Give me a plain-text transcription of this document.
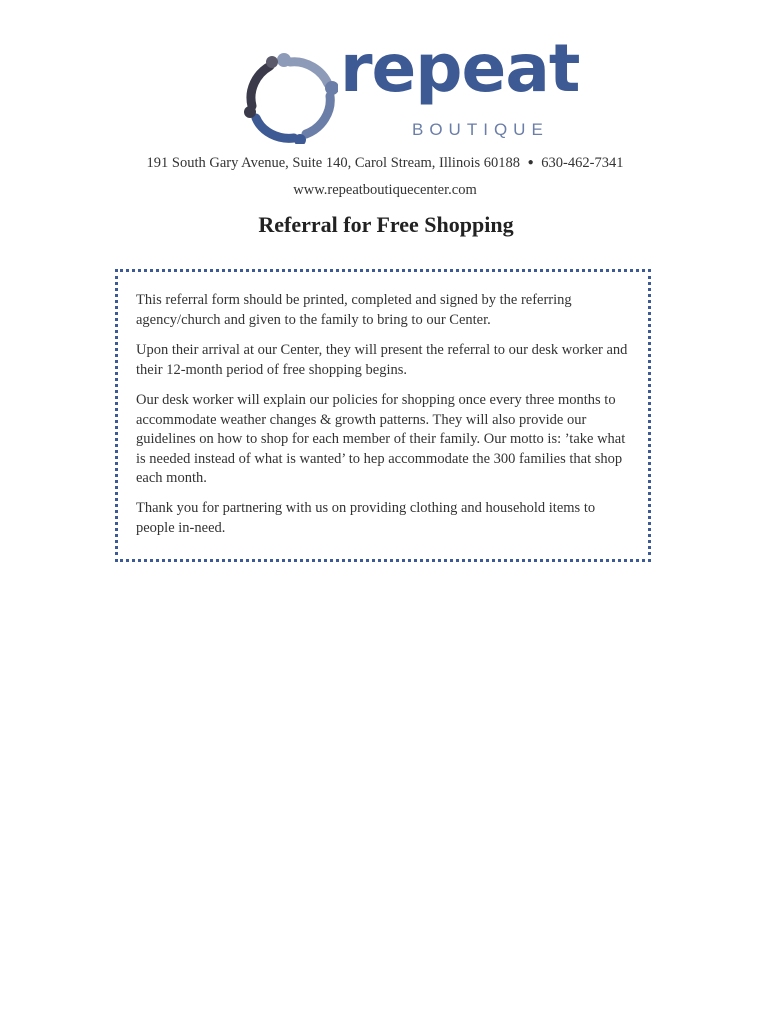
repeat
BOUTIQUE
191 South Gary Avenue, Suite 140, Carol Stream, Illinois 60188 ● 630-462-7341
www.repeatboutiquecenter.com
Referral for Free Shopping

This referral form should be printed, completed and signed by the referring agency/church and given to the family to bring to our Center.

Upon their arrival at our Center, they will present the referral to our desk worker and their 12-month period of free shopping begins.

Our desk worker will explain our policies for shopping once every three months to accommodate weather changes & growth patterns. They will also provide our guidelines on how to shop for each member of their family. Our motto is: ’take what is needed instead of what is wanted’ to hep accommodate the 300 families that shop each month.

Thank you for partnering with us on providing clothing and household items to people in-need.
